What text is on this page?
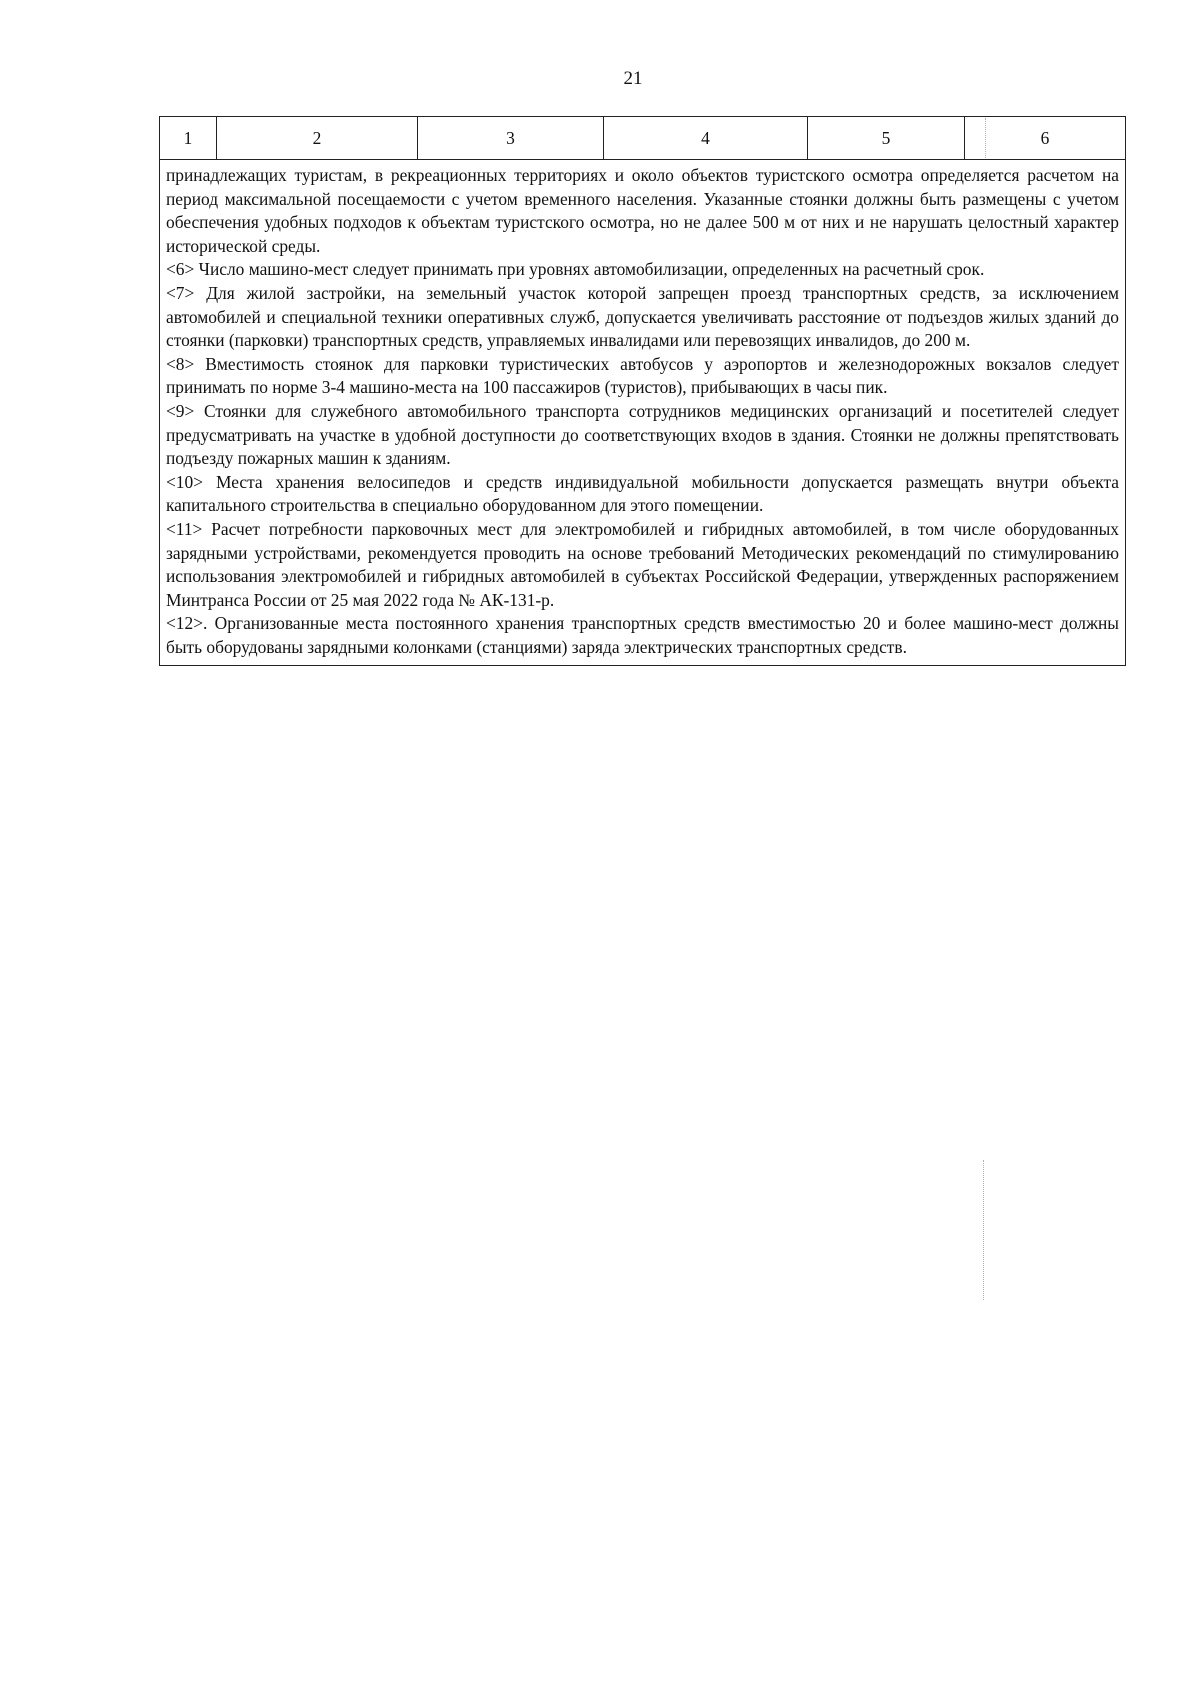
21
1	2	3	4	5	6

принадлежащих туристам, в рекреационных территориях и около объектов туристского осмотра определяется расчетом на период максимальной посещаемости с учетом временного населения. Указанные стоянки должны быть размещены с учетом обеспечения удобных подходов к объектам туристского осмотра, но не далее 500 м от них и не нарушать целостный характер исторической среды.

<6> Число машино-мест следует принимать при уровнях автомобилизации, определенных на расчетный срок.

<7> Для жилой застройки, на земельный участок которой запрещен проезд транспортных средств, за исключением автомобилей и специальной техники оперативных служб, допускается увеличивать расстояние от подъездов жилых зданий до стоянки (парковки) транспортных средств, управляемых инвалидами или перевозящих инвалидов, до 200 м.

<8> Вместимость стоянок для парковки туристических автобусов у аэропортов и железнодорожных вокзалов следует принимать по норме 3-4 машино-места на 100 пассажиров (туристов), прибывающих в часы пик.

<9> Стоянки для служебного автомобильного транспорта сотрудников медицинских организаций и посетителей следует предусматривать на участке в удобной доступности до соответствующих входов в здания. Стоянки не должны препятствовать подъезду пожарных машин к зданиям.

<10> Места хранения велосипедов и средств индивидуальной мобильности допускается размещать внутри объекта капитального строительства в специально оборудованном для этого помещении.

<11> Расчет потребности парковочных мест для электромобилей и гибридных автомобилей, в том числе оборудованных зарядными устройствами, рекомендуется проводить на основе требований Методических рекомендаций по стимулированию использования электромобилей и гибридных автомобилей в субъектах Российской Федерации, утвержденных распоряжением Минтранса России от 25 мая 2022 года № АК-131-р.

<12>. Организованные места постоянного хранения транспортных средств вместимостью 20 и более машино-мест должны быть оборудованы зарядными колонками (станциями) заряда электрических транспортных средств.
